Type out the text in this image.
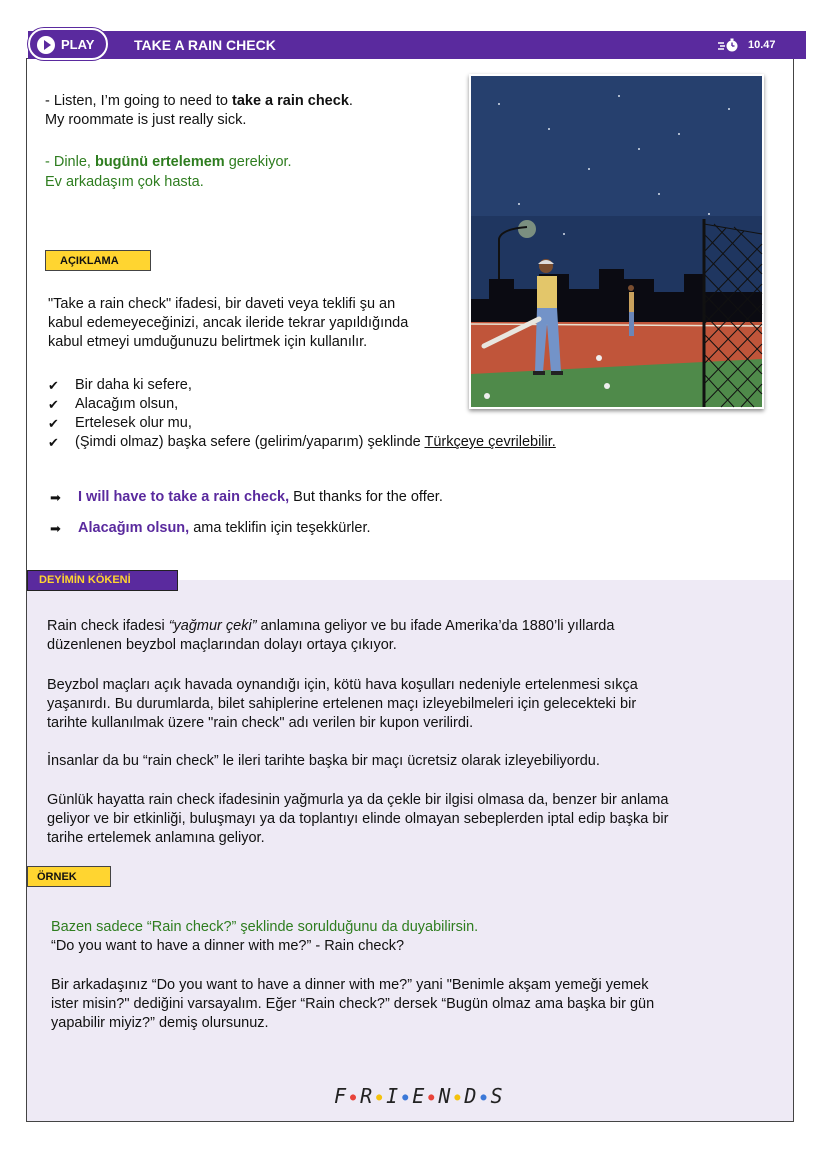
PLAY	TAKE A RAIN CHECK	10.47

- Listen, I’m going to need to take a rain check.

My roommate is just really sick.

- Dinle, bugünü ertelemem gerekiyor.

Ev arkadaşım çok hasta.

AÇIKLAMA

"Take a rain check" ifadesi, bir daveti veya teklifi şu an

kabul edemeyeceğinizi, ancak ileride tekrar yapıldığında

kabul etmeyi umduğunuzu belirtmek için kullanılır.

✔	Bir daha ki sefere,
✔	Alacağım olsun,
✔	Ertelesek olur mu,
✔	(Şimdi olmaz) başka sefere (gelirim/yaparım) şeklinde Türkçeye çevrilebilir.
➡	I will have to take a rain check, But thanks for the offer.
➡	Alacağım olsun, ama teklifin için teşekkürler.
DEYİMİN KÖKENİ

Rain check ifadesi “yağmur çeki” anlamına geliyor ve bu ifade Amerika’da 1880’li yıllarda

düzenlenen beyzbol maçlarından dolayı ortaya çıkıyor.

Beyzbol maçları açık havada oynandığı için, kötü hava koşulları nedeniyle ertelenmesi sıkça

yaşanırdı. Bu durumlarda, bilet sahiplerine ertelenen maçı izleyebilmeleri için gelecekteki bir

tarihte kullanılmak üzere "rain check" adı verilen bir kupon verilirdi.

İnsanlar da bu “rain check” le ileri tarihte başka bir maçı ücretsiz olarak izleyebiliyordu.

Günlük hayatta rain check ifadesinin yağmurla ya da çekle bir ilgisi olmasa da, benzer bir anlama

geliyor ve bir etkinliği, buluşmayı ya da toplantıyı elinde olmayan sebeplerden iptal edip başka bir

tarihe ertelemek anlamına geliyor.

ÖRNEK

Bazen sadece “Rain check?” şeklinde sorulduğunu da duyabilirsin.

“Do you want to have a dinner with me?” - Rain check?

Bir arkadaşınız “Do you want to have a dinner with me?” yani "Benimle akşam yemeği yemek

ister misin?" dediğini varsayalım. Eğer “Rain check?” dersek “Bugün olmaz ama başka bir gün

yapabilir miyiz?” demiş olursunuz.

F ● R ● I ● E ● N ● D ● S
